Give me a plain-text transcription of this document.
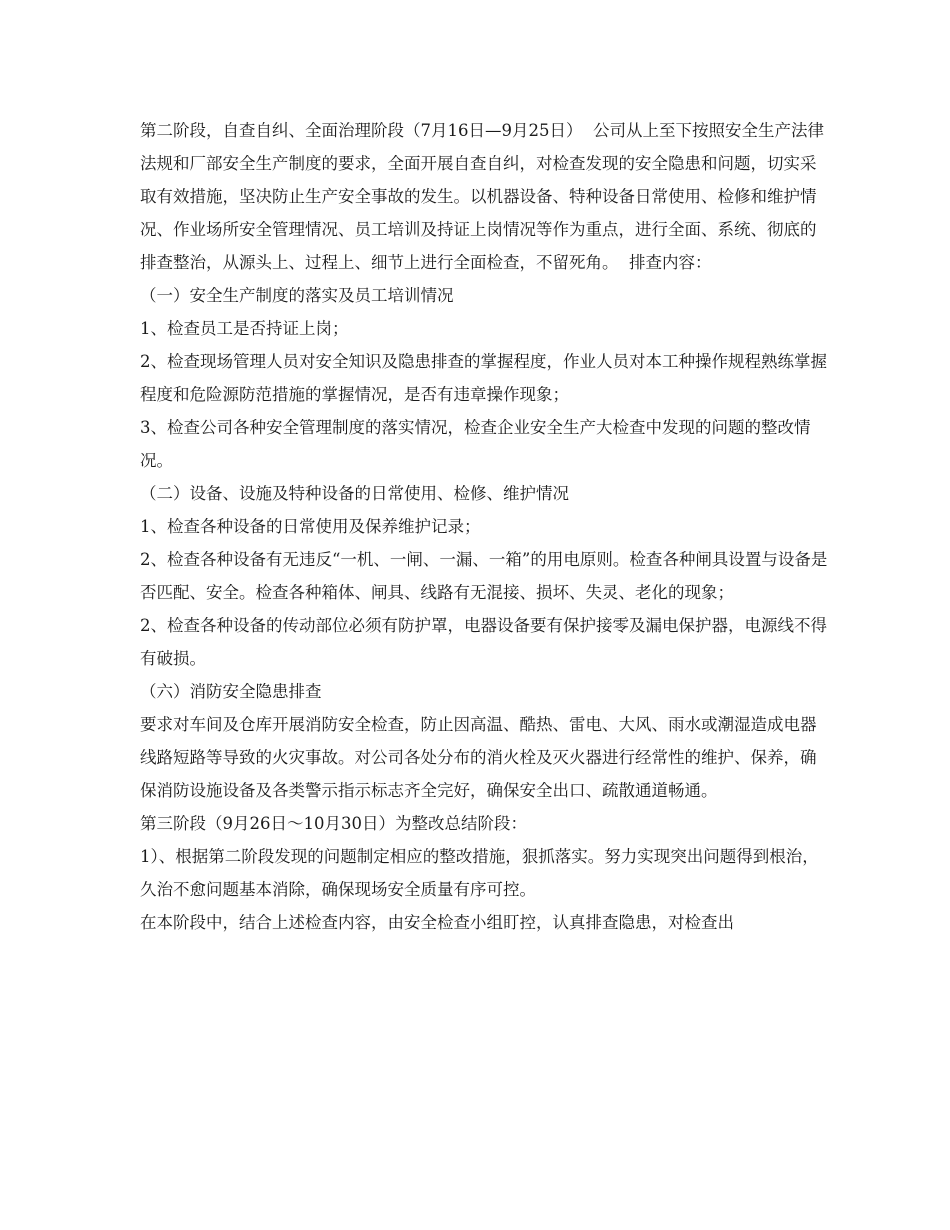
第二阶段，自查自纠、全面治理阶段（7月16日—9月25日）  公司从上至下按照安全生产法律法规和厂部安全生产制度的要求，全面开展自查自纠，对检查发现的安全隐患和问题，切实采取有效措施，坚决防止生产安全事故的发生。以机器设备、特种设备日常使用、检修和维护情况、作业场所安全管理情况、员工培训及持证上岗情况等作为重点，进行全面、系统、彻底的排查整治，从源头上、过程上、细节上进行全面检查，不留死角。  排查内容：

（一）安全生产制度的落实及员工培训情况

1、检查员工是否持证上岗；

2、检查现场管理人员对安全知识及隐患排查的掌握程度，作业人员对本工种操作规程熟练掌握程度和危险源防范措施的掌握情况，是否有违章操作现象；

3、检查公司各种安全管理制度的落实情况，检查企业安全生产大检查中发现的问题的整改情况。

（二）设备、设施及特种设备的日常使用、检修、维护情况

1、检查各种设备的日常使用及保养维护记录；

2、检查各种设备有无违反“一机、一闸、一漏、一箱”的用电原则。检查各种闸具设置与设备是否匹配、安全。检查各种箱体、闸具、线路有无混接、损坏、失灵、老化的现象；

2、检查各种设备的传动部位必须有防护罩，电器设备要有保护接零及漏电保护器，电源线不得有破损。

（六）消防安全隐患排查

要求对车间及仓库开展消防安全检查，防止因高温、酷热、雷电、大风、雨水或潮湿造成电器线路短路等导致的火灾事故。对公司各处分布的消火栓及灭火器进行经常性的维护、保养，确保消防设施设备及各类警示指示标志齐全完好，确保安全出口、疏散通道畅通。

第三阶段（9月26日～10月30日）为整改总结阶段：

1）、根据第二阶段发现的问题制定相应的整改措施，狠抓落实。努力实现突出问题得到根治，久治不愈问题基本消除，确保现场安全质量有序可控。

在本阶段中，结合上述检查内容，由安全检查小组盯控，认真排查隐患，对检查出
